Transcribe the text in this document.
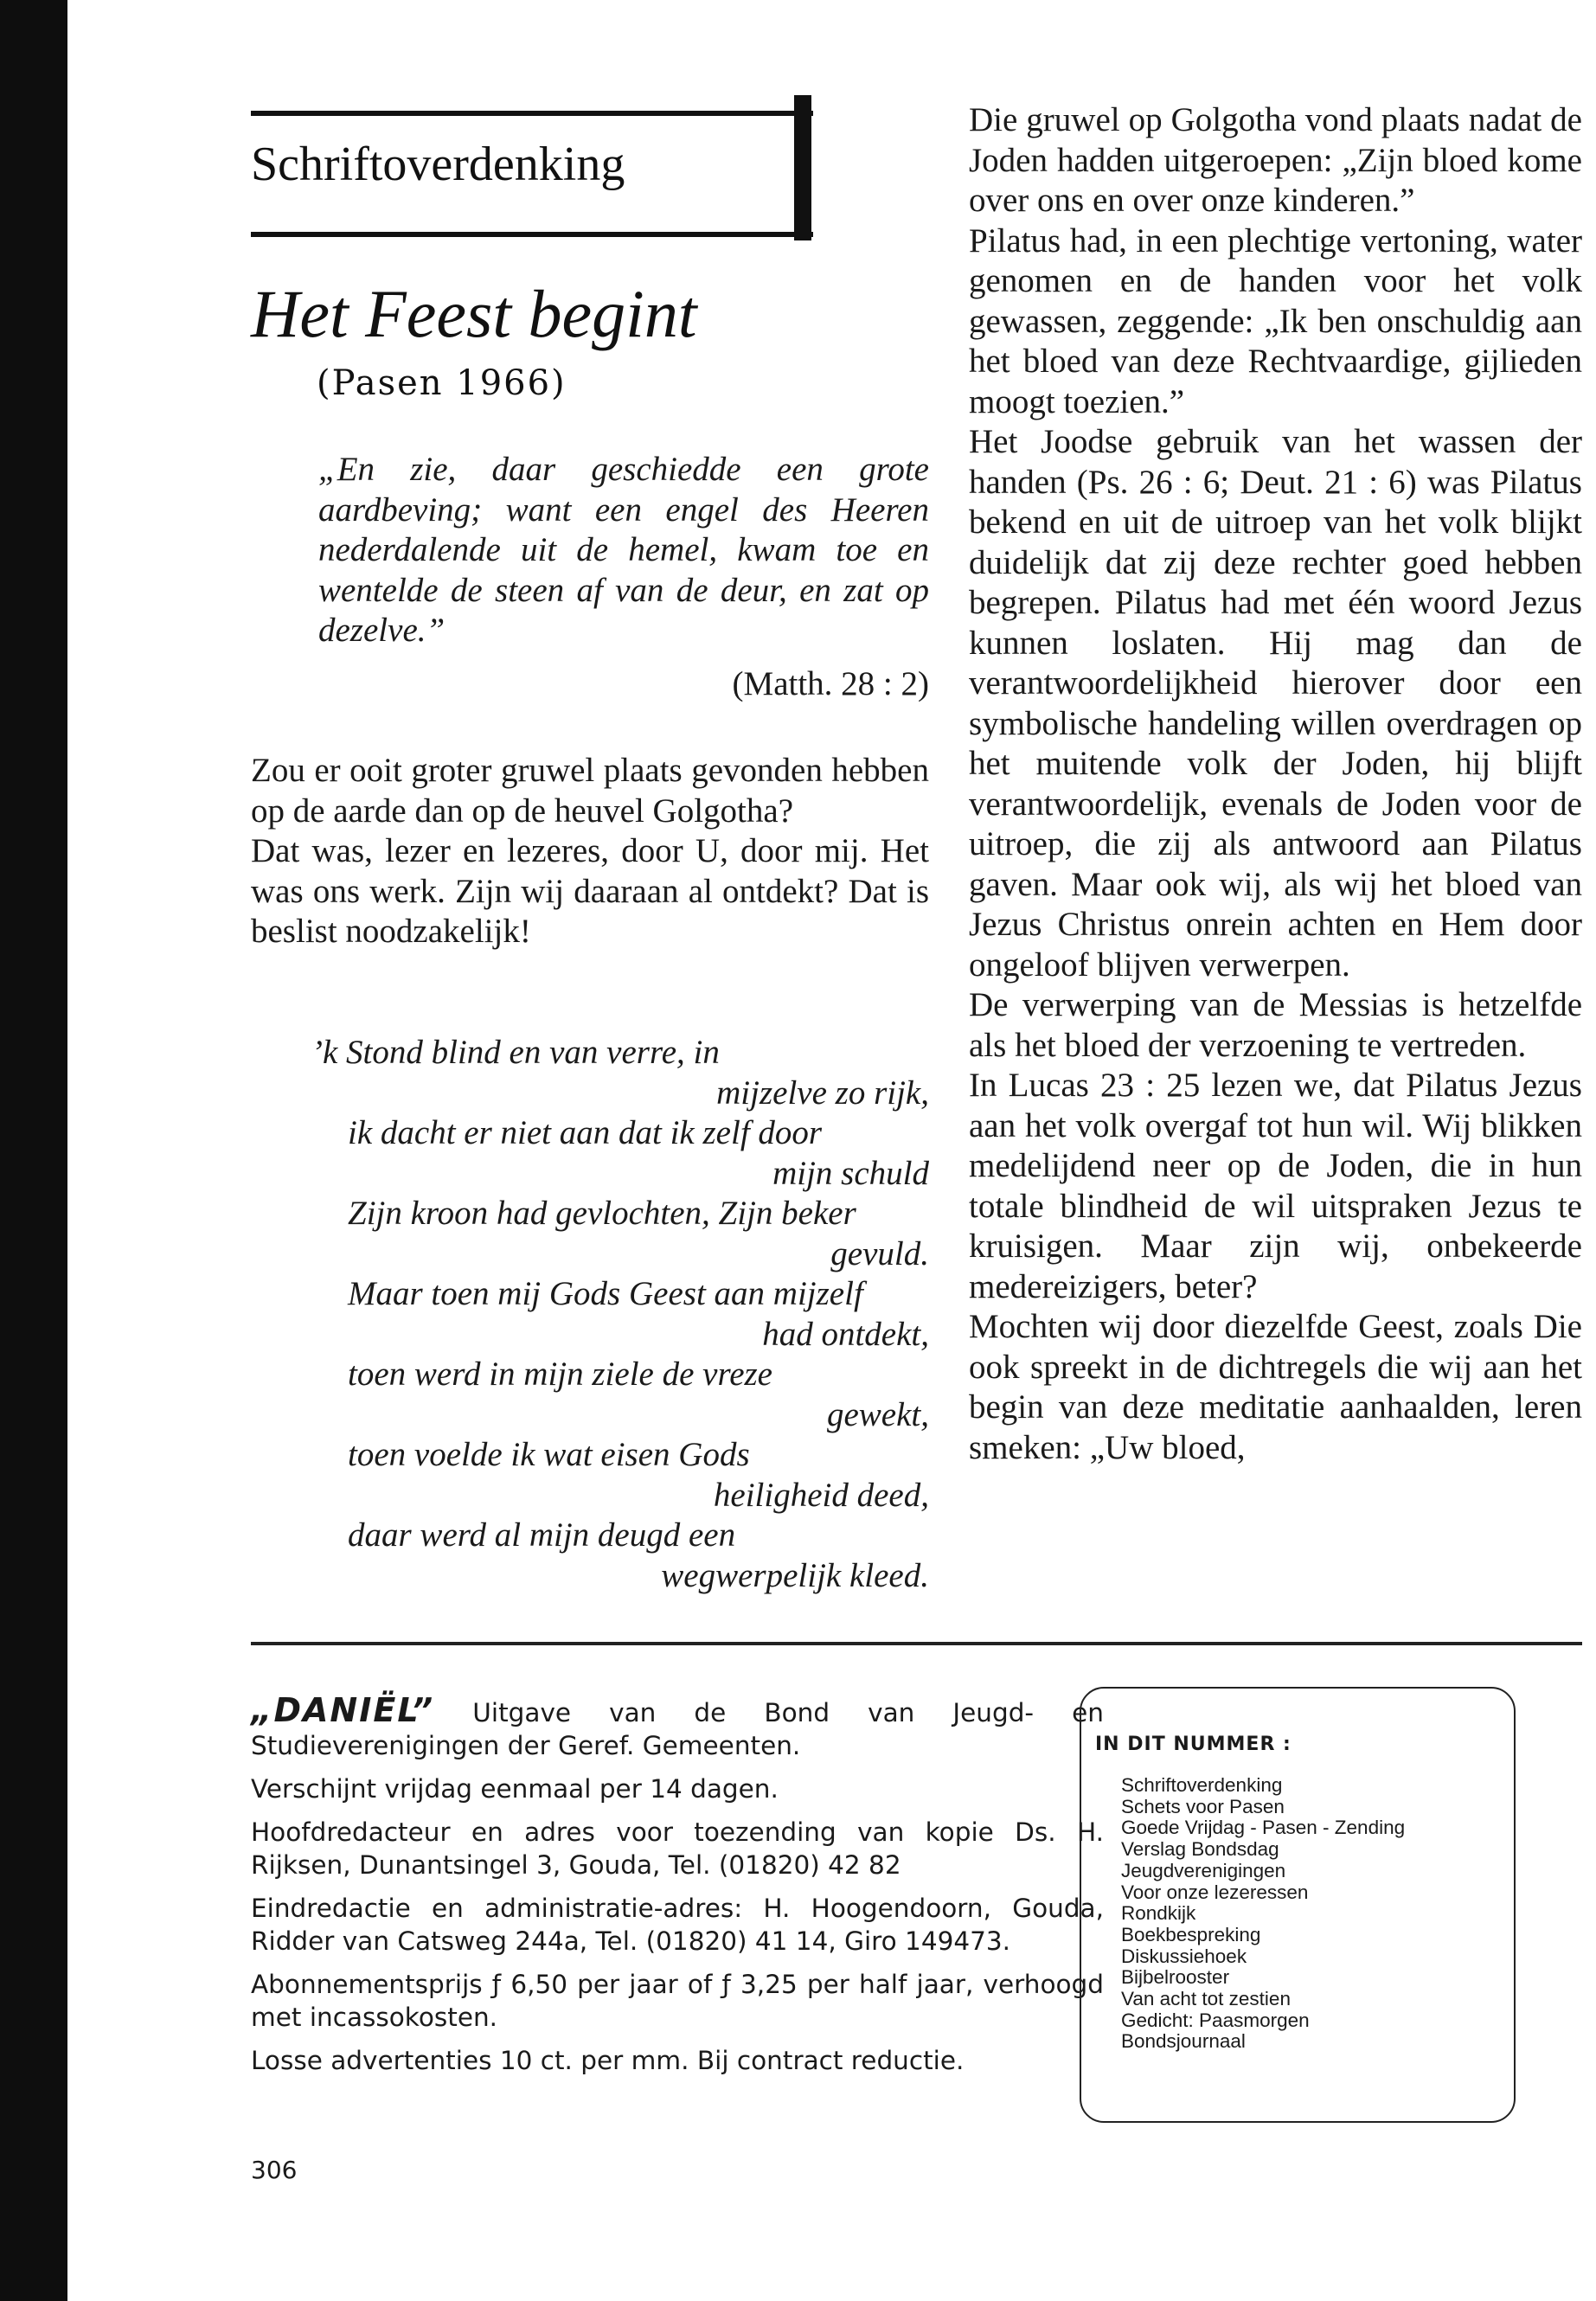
Schriftoverdenking
Het Feest begint
(Pasen 1966)
„En zie, daar geschiedde een grote aardbeving; want een engel des Heeren nederdalende uit de hemel, kwam toe en wentelde de steen af van de deur, en zat op dezelve.”
(Matth. 28 : 2)

Zou er ooit groter gruwel plaats gevonden hebben op de aarde dan op de heuvel Golgotha?

Dat was, lezer en lezeres, door U, door mij. Het was ons werk. Zijn wij daaraan al ontdekt? Dat is beslist noodzakelijk!

’k Stond blind en van verre, in
mijzelve zo rijk,
ik dacht er niet aan dat ik zelf door
mijn schuld
Zijn kroon had gevlochten, Zijn beker
gevuld.
Maar toen mij Gods Geest aan mijzelf
had ontdekt,
toen werd in mijn ziele de vreze
gewekt,
toen voelde ik wat eisen Gods
heiligheid deed,
daar werd al mijn deugd een
wegwerpelijk kleed.

Die gruwel op Golgotha vond plaats nadat de Joden hadden uitgeroepen: „Zijn bloed kome over ons en over onze kinderen.”

Pilatus had, in een plechtige vertoning, water genomen en de handen voor het volk gewassen, zeggende: „Ik ben onschuldig aan het bloed van deze Rechtvaardige, gijlieden moogt toezien.”

Het Joodse gebruik van het wassen der handen (Ps. 26 : 6; Deut. 21 : 6) was Pilatus bekend en uit de uitroep van het volk blijkt duidelijk dat zij deze rechter goed hebben begrepen. Pilatus had met één woord Jezus kunnen loslaten. Hij mag dan de verantwoordelijkheid hierover door een symbolische handeling willen overdragen op het muitende volk der Joden, hij blijft verantwoordelijk, evenals de Joden voor de uitroep, die zij als antwoord aan Pilatus gaven. Maar ook wij, als wij het bloed van Jezus Christus onrein achten en Hem door ongeloof blijven verwerpen.

De verwerping van de Messias is hetzelfde als het bloed der verzoening te vertreden.

In Lucas 23 : 25 lezen we, dat Pilatus Jezus aan het volk overgaf tot hun wil. Wij blikken medelijdend neer op de Joden, die in hun totale blindheid de wil uitspraken Jezus te kruisigen. Maar zijn wij, onbekeerde medereizigers, beter?

Mochten wij door diezelfde Geest, zoals Die ook spreekt in de dichtregels die wij aan het begin van deze meditatie aanhaalden, leren smeken: „Uw bloed,

„DANIËL” Uitgave van de Bond van Jeugd- en Studieverenigingen der Geref. Gemeenten.

Verschijnt vrijdag eenmaal per 14 dagen.

Hoofdredacteur en adres voor toezending van kopie Ds. H. Rijksen, Dunantsingel 3, Gouda, Tel. (01820) 42 82

Eindredactie en administratie-adres: H. Hoogendoorn, Gouda, Ridder van Catsweg 244a, Tel. (01820) 41 14, Giro 149473.

Abonnementsprijs ƒ 6,50 per jaar of ƒ 3,25 per half jaar, verhoogd met incassokosten.

Losse advertenties 10 ct. per mm. Bij contract reductie.

306
IN DIT NUMMER :
Schriftoverdenking
Schets voor Pasen
Goede Vrijdag - Pasen - Zending
Verslag Bondsdag
Jeugdverenigingen
Voor onze lezeressen
Rondkijk
Boekbespreking
Diskussiehoek
Bijbelrooster
Van acht tot zestien
Gedicht: Paasmorgen
Bondsjournaal
